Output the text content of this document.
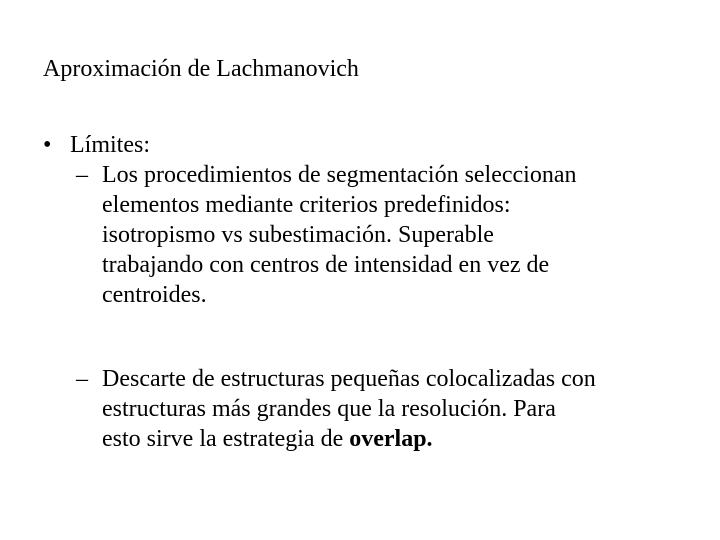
Aproximación de Lachmanovich
• Límites:
– Los procedimientos de segmentación seleccionan
elementos mediante criterios predefinidos:
isotropismo vs subestimación. Superable
trabajando con centros de intensidad en vez de
centroides.
– Descarte de estructuras pequeñas colocalizadas con
estructuras más grandes que la resolución. Para
esto sirve la estrategia de overlap.
